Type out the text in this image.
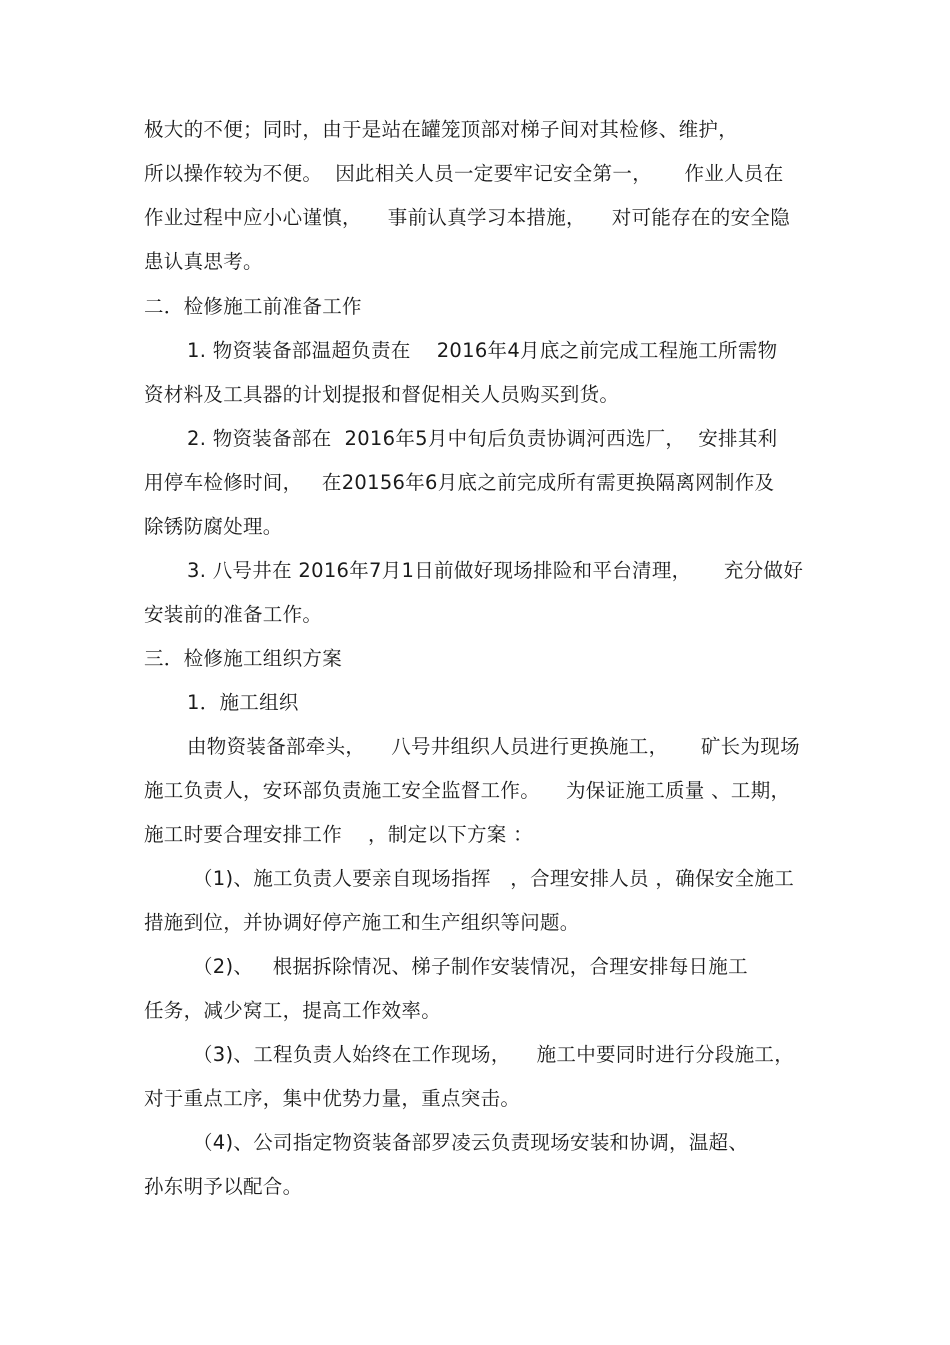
极大的不便；同时，由于是站在罐笼顶部对梯子间对其检修、维护，
所以操作较为不便。  因此相关人员一定要牢记安全第一，     作业人员在
作业过程中应小心谨慎，    事前认真学习本措施，    对可能存在的安全隐
患认真思考。
二．检修施工前准备工作
1. 物资装备部温超负责在    2016年4月底之前完成工程施工所需物
资材料及工具器的计划提报和督促相关人员购买到货。
2. 物资装备部在  2016年5月中旬后负责协调河西选厂，  安排其利
用停车检修时间，   在20156年6月底之前完成所有需更换隔离网制作及
除锈防腐处理。
3. 八号井在 2016年7月1日前做好现场排险和平台清理，     充分做好
安装前的准备工作。
三．检修施工组织方案
1．施工组织
由物资装备部牵头，    八号井组织人员进行更换施工，     矿长为现场
施工负责人，安环部负责施工安全监督工作。    为保证施工质量 、工期，
施工时要合理安排工作    ，制定以下方案 ：
（1)、施工负责人要亲自现场指挥   ，合理安排人员 ，确保安全施工
措施到位，并协调好停产施工和生产组织等问题。
（2)、   根据拆除情况、梯子制作安装情况，合理安排每日施工
任务，减少窝工，提高工作效率。
（3)、工程负责人始终在工作现场，    施工中要同时进行分段施工，
对于重点工序，集中优势力量，重点突击。
（4)、公司指定物资装备部罗凌云负责现场安装和协调，温超、
孙东明予以配合。
